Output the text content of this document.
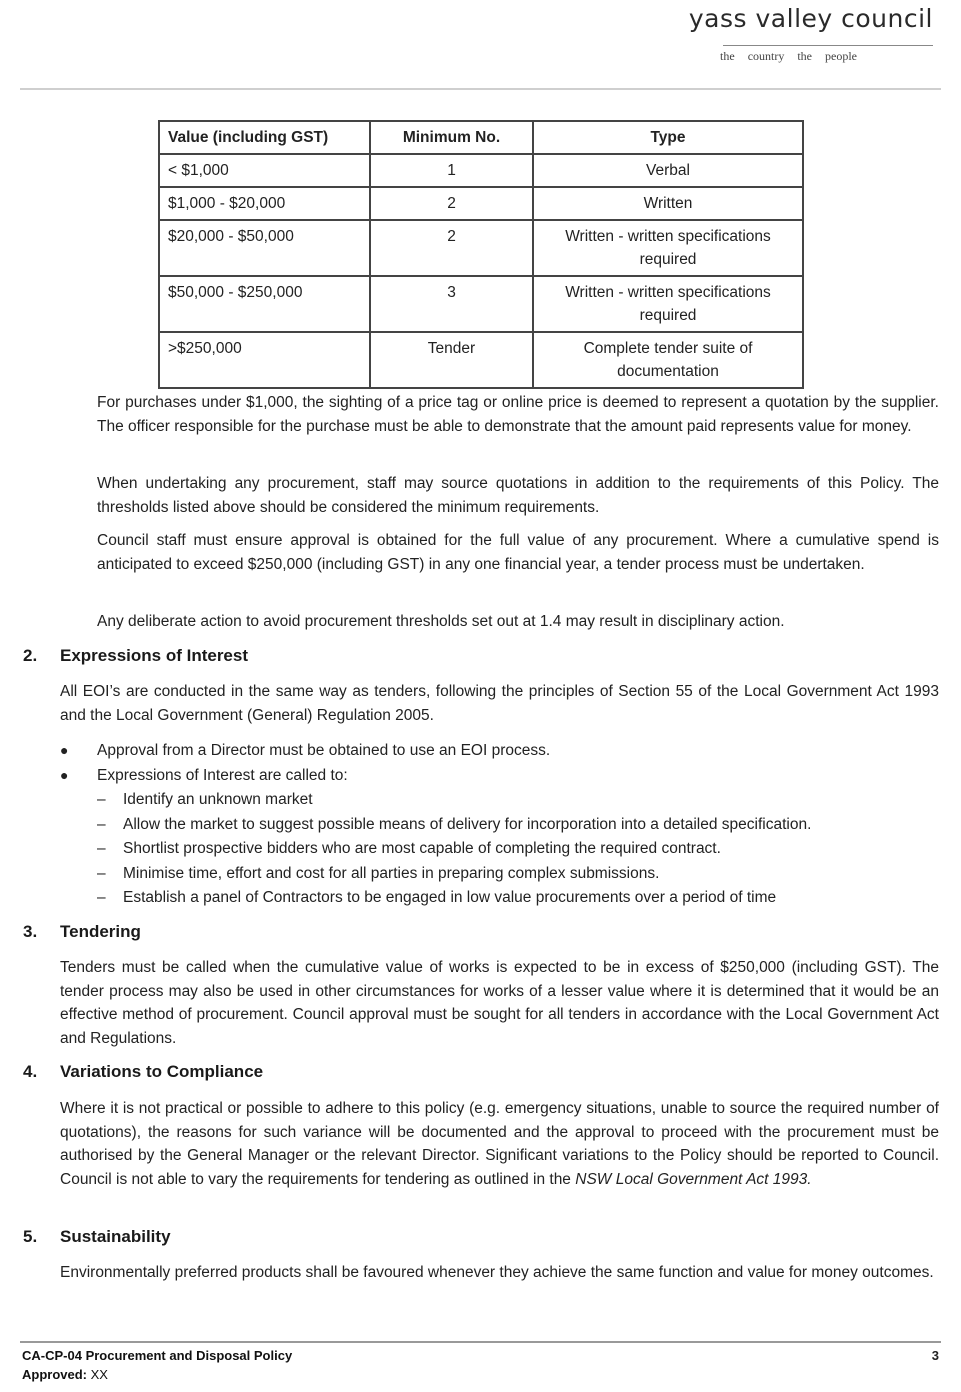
yass valley council
the country the people
Value (including GST)	Minimum No.	Type
< $1,000	1	Verbal
$1,000 - $20,000	2	Written
$20,000 - $50,000	2	Written - written specifications required
$50,000 - $250,000	3	Written - written specifications required
>$250,000	Tender	Complete tender suite of documentation

For purchases under $1,000, the sighting of a price tag or online price is deemed to represent a quotation by the supplier. The officer responsible for the purchase must be able to demonstrate that the amount paid represents value for money.

When undertaking any procurement, staff may source quotations in addition to the requirements of this Policy. The thresholds listed above should be considered the minimum requirements.

Council staff must ensure approval is obtained for the full value of any procurement. Where a cumulative spend is anticipated to exceed $250,000 (including GST) in any one financial year, a tender process must be undertaken.

Any deliberate action to avoid procurement thresholds set out at 1.4 may result in disciplinary action.

2. Expressions of Interest

All EOI’s are conducted in the same way as tenders, following the principles of Section 55 of the Local Government Act 1993 and the Local Government (General) Regulation 2005.

● Approval from a Director must be obtained to use an EOI process.
● Expressions of Interest are called to:
– Identify an unknown market
– Allow the market to suggest possible means of delivery for incorporation into a detailed specification.
– Shortlist prospective bidders who are most capable of completing the required contract.
– Minimise time, effort and cost for all parties in preparing complex submissions.
– Establish a panel of Contractors to be engaged in low value procurements over a period of time
3. Tendering

Tenders must be called when the cumulative value of works is expected to be in excess of $250,000 (including GST). The tender process may also be used in other circumstances for works of a lesser value where it is determined that it would be an effective method of procurement. Council approval must be sought for all tenders in accordance with the Local Government Act and Regulations.

4. Variations to Compliance

Where it is not practical or possible to adhere to this policy (e.g. emergency situations, unable to source the required number of quotations), the reasons for such variance will be documented and the approval to proceed with the procurement must be authorised by the General Manager or the relevant Director. Significant variations to the Policy should be reported to Council. Council is not able to vary the requirements for tendering as outlined in the NSW Local Government Act 1993.

5. Sustainability

Environmentally preferred products shall be favoured whenever they achieve the same function and value for money outcomes.

CA-CP-04 Procurement and Disposal Policy
Approved: XX
3
